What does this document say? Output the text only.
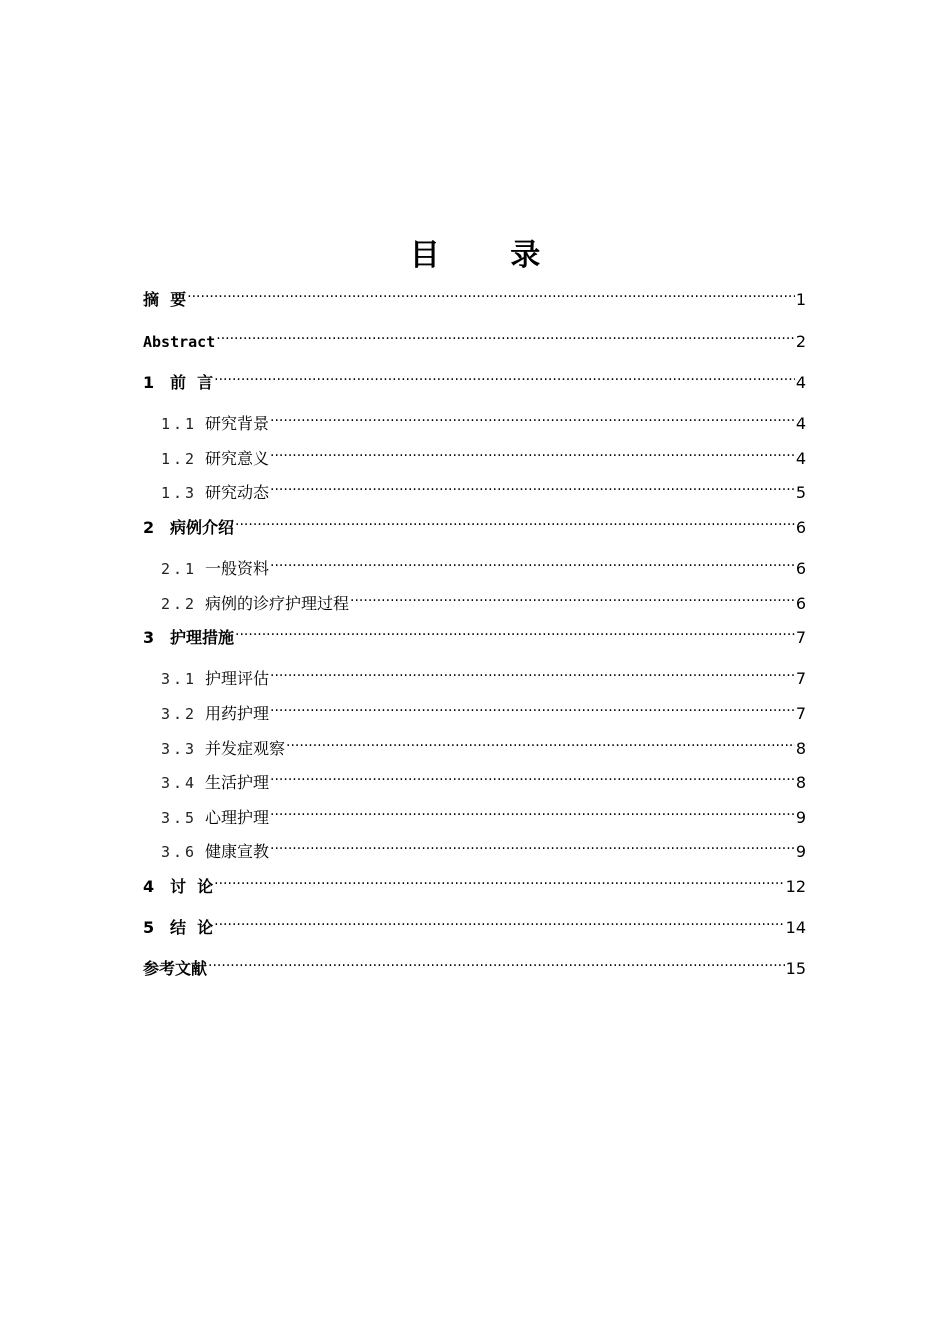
目 录
摘  要 .....	1
Abstract .....	2
1 前  言 .....	4
1.1 研究背景 .....	4
1.2 研究意义 .....	4
1.3 研究动态 .....	5
2 病例介绍 .....	6
2.1 一般资料 .....	6
2.2 病例的诊疗护理过程 .....	6
3 护理措施 .....	7
3.1 护理评估 .....	7
3.2 用药护理 .....	7
3.3 并发症观察 .....	8
3.4 生活护理 .....	8
3.5 心理护理 .....	9
3.6 健康宣教 .....	9
4 讨  论 .....	12
5 结  论 .....	14
参考文献 .....	15
